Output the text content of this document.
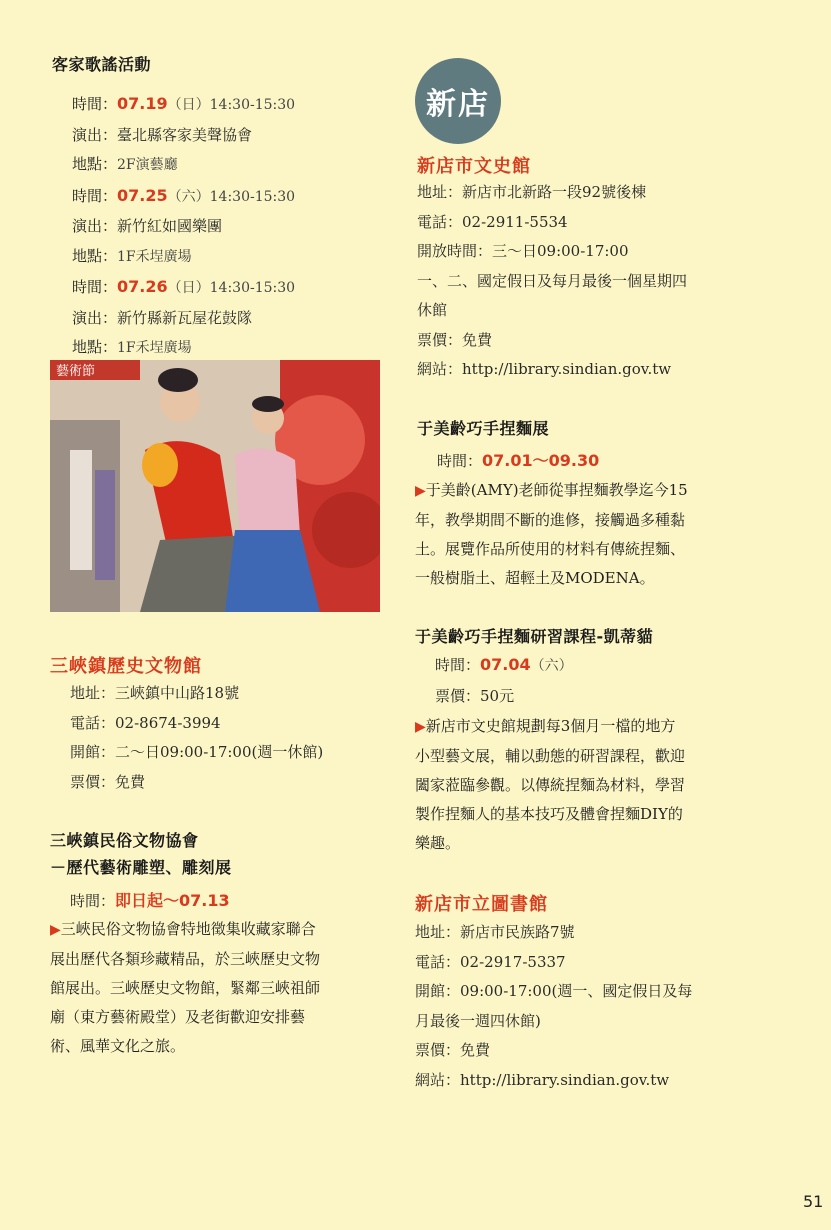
客家歌謠活動
時間：07.19（日）14:30-15:30
演出：臺北縣客家美聲協會
地點：2F演藝廳
時間：07.25（六）14:30-15:30
演出：新竹紅如國樂團
地點：1F禾埕廣場
時間：07.26（日）14:30-15:30
演出：新竹縣新瓦屋花鼓隊
地點：1F禾埕廣場
藝術節
三峽鎮歷史文物館
地址：三峽鎮中山路18號
電話：02-8674-3994
開館：二～日09:00-17:00(週一休館)
票價：免費
三峽鎮民俗文物協會
－歷代藝術雕塑、雕刻展
時間：即日起～07.13
▶三峽民俗文物協會特地徵集收藏家聯合
展出歷代各類珍藏精品，於三峽歷史文物
館展出。三峽歷史文物館，緊鄰三峽祖師
廟（東方藝術殿堂）及老街歡迎安排藝
術、風華文化之旅。
新店
新店市文史館
地址：新店市北新路一段92號後棟
電話：02-2911-5534
開放時間：三～日09:00-17:00
一、二、國定假日及每月最後一個星期四
休館
票價：免費
網站：http://library.sindian.gov.tw
于美齡巧手捏麵展
時間：07.01～09.30
▶于美齡(AMY)老師從事捏麵教學迄今15
年，教學期間不斷的進修，接觸過多種黏
土。展覽作品所使用的材料有傳統捏麵、
一般樹脂土、超輕土及MODENA。
于美齡巧手捏麵研習課程-凱蒂貓
時間：07.04（六）
票價：50元
▶新店市文史館規劃每3個月一檔的地方
小型藝文展，輔以動態的研習課程，歡迎
闔家蒞臨參觀。以傳統捏麵為材料，學習
製作捏麵人的基本技巧及體會捏麵DIY的
樂趣。
新店市立圖書館
地址：新店市民族路7號
電話：02-2917-5337
開館：09:00-17:00(週一、國定假日及每
月最後一週四休館)
票價：免費
網站：http://library.sindian.gov.tw
51
